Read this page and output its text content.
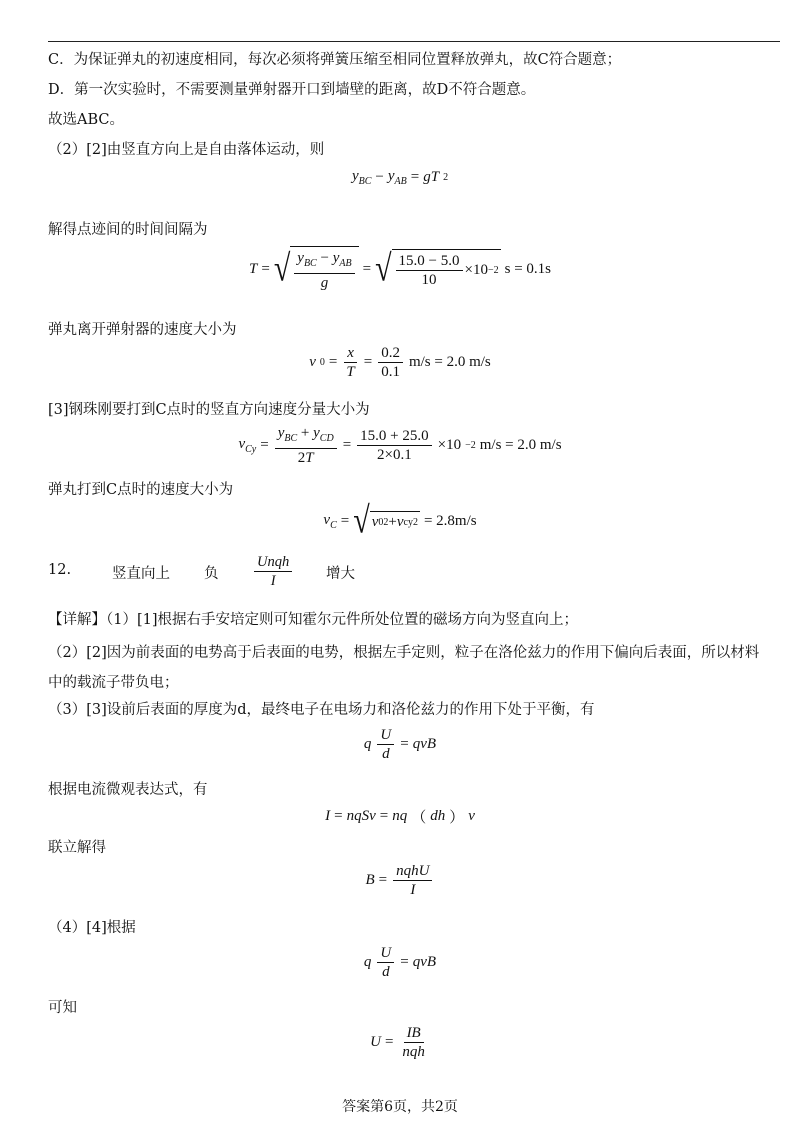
C．为保证弹丸的初速度相同，每次必须将弹簧压缩至相同位置释放弹丸，故C符合题意；
D．第一次实验时，不需要测量弹射器开口到墙壁的距离，故D不符合题意。
故选ABC。
（2）[2]由竖直方向上是自由落体运动，则
$y_{BC} - y_{AB}$ = gT 2
解得点迹间的时间间隔为
T = √ $\frac{y_{BC} - y_{AB}}{g}$ = √ $\frac{15.0 - 5.0}{10} \times 10 -2$ s = 0.1s
弹丸离开弹射器的速度大小为
v $0 = \frac{x}{T} = \frac{0.2}{0.1} m/s = 2.0$ m/s
[3]钢珠刚要打到C点时的竖直方向速度分量大小为
$v_{Cy} = \frac{y_{BC} + y_{CD}}{2T} = \frac{15.0 + 25.0}{2\times 0.1} \times 10 -2$ m/s = 2.0 m/s
弹丸打到C点时的速度大小为
$v_C$ = √ v 0 2 + v cy 2 = 2.8m/s
12.	竖直向上 负 $\frac{\text{Unqh}}{I}$ 增大
【详解】（1）[1]根据右手安培定则可知霍尔元件所处位置的磁场方向为竖直向上；
（2）[2]因为前表面的电势高于后表面的电势，根据左手定则，粒子在洛伦兹力的作用下偏向后表面，所以材料中的载流子带负电；
（3）[3]设前后表面的厚度为d，最终电子在电场力和洛伦兹力的作用下处于平衡，有
q $\frac{U}{d}$ = qvB
根据电流微观表达式，有
I = nqSv = nq （ dh ） v
联立解得
$B = \frac{\text{nqhU}}{I}$
（4）[4]根据
q $\frac{U}{d}$ = qvB
可知
$U = \frac{IB}{\text{nqh}}$
答案第6页，共2页
